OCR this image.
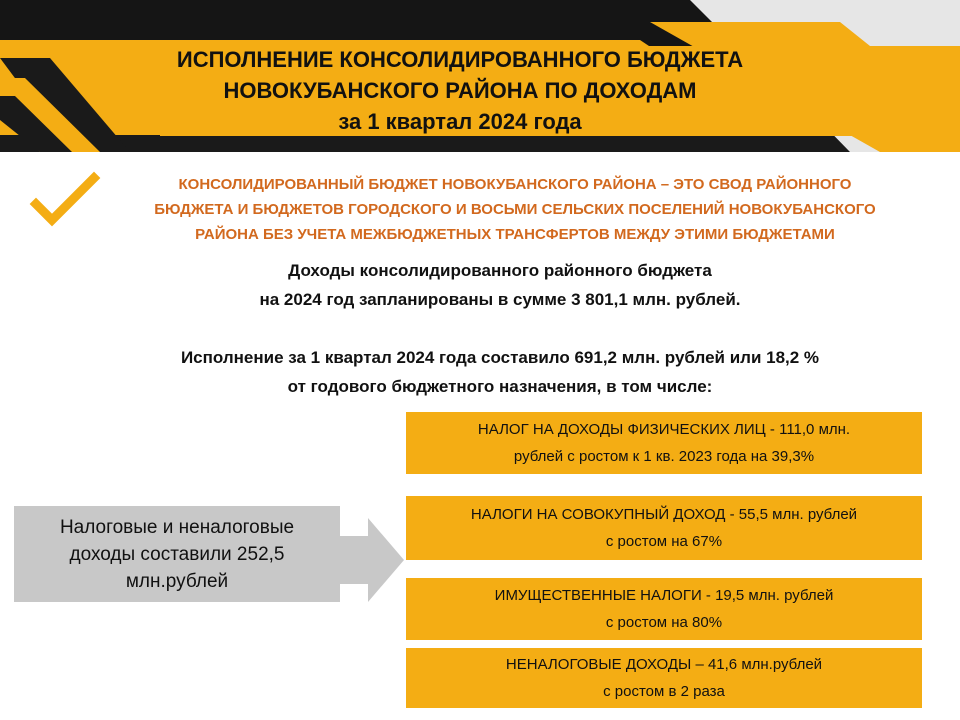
ИСПОЛНЕНИЕ КОНСОЛИДИРОВАННОГО БЮДЖЕТА
НОВОКУБАНСКОГО РАЙОНА ПО ДОХОДАМ
за 1 квартал 2024 года

КОНСОЛИДИРОВАННЫЙ БЮДЖЕТ НОВОКУБАНСКОГО РАЙОНА – ЭТО СВОД РАЙОННОГО
БЮДЖЕТА И БЮДЖЕТОВ ГОРОДСКОГО И ВОСЬМИ СЕЛЬСКИХ ПОСЕЛЕНИЙ НОВОКУБАНСКОГО
РАЙОНА БЕЗ УЧЕТА МЕЖБЮДЖЕТНЫХ ТРАНСФЕРТОВ МЕЖДУ ЭТИМИ БЮДЖЕТАМИ

Доходы консолидированного районного бюджета
на 2024 год запланированы в сумме 3 801,1 млн. рублей.
Исполнение за 1 квартал 2024 года составило 691,2 млн. рублей или 18,2 %
от годового бюджетного назначения, в том числе:
Налоговые и неналоговые
доходы составили 252,5
млн.рублей
НАЛОГ НА ДОХОДЫ ФИЗИЧЕСКИХ ЛИЦ - 111,0 млн.
рублей с ростом к 1 кв. 2023 года на 39,3%
НАЛОГИ НА СОВОКУПНЫЙ ДОХОД - 55,5 млн. рублей
с ростом на 67%
ИМУЩЕСТВЕННЫЕ НАЛОГИ - 19,5 млн. рублей
с ростом на 80%
НЕНАЛОГОВЫЕ ДОХОДЫ – 41,6 млн.рублей
с ростом в 2 раза
